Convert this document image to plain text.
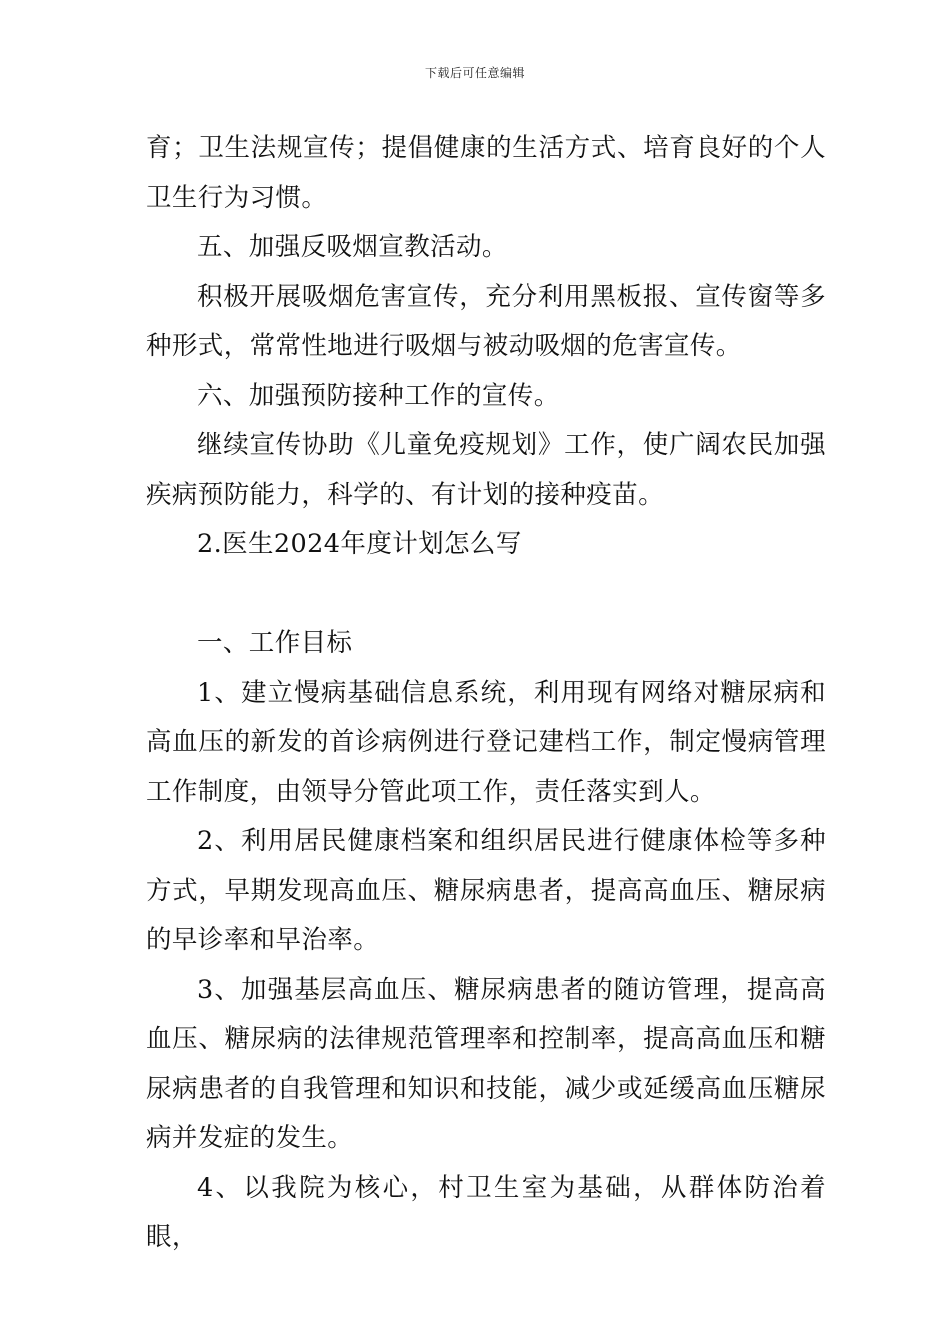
下载后可任意编辑

育；卫生法规宣传；提倡健康的生活方式、培育良好的个人卫生行为习惯。

五、加强反吸烟宣教活动。

积极开展吸烟危害宣传，充分利用黑板报、宣传窗等多种形式，常常性地进行吸烟与被动吸烟的危害宣传。

六、加强预防接种工作的宣传。

继续宣传协助《儿童免疫规划》工作，使广阔农民加强疾病预防能力，科学的、有计划的接种疫苗。

2.医生2024年度计划怎么写

一、工作目标

1、建立慢病基础信息系统，利用现有网络对糖尿病和高血压的新发的首诊病例进行登记建档工作，制定慢病管理工作制度，由领导分管此项工作，责任落实到人。

2、利用居民健康档案和组织居民进行健康体检等多种方式，早期发现高血压、糖尿病患者，提高高血压、糖尿病的早诊率和早治率。

3、加强基层高血压、糖尿病患者的随访管理，提高高血压、糖尿病的法律规范管理率和控制率，提高高血压和糖尿病患者的自我管理和知识和技能，减少或延缓高血压糖尿病并发症的发生。

4、以我院为核心，村卫生室为基础，从群体防治着眼，
